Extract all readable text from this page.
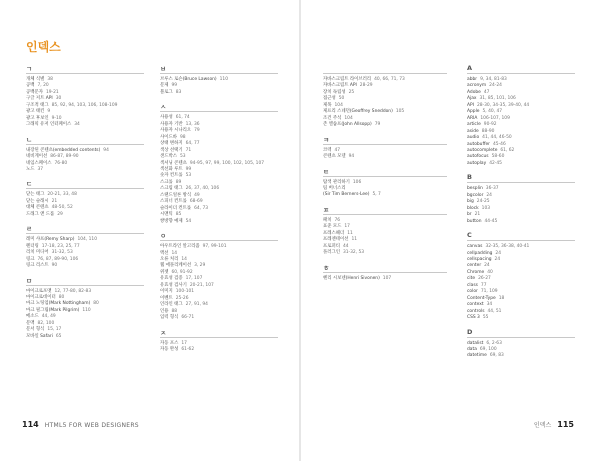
인덱스
ㄱ
개체 식별 38
공백 7, 20
공백문자 19-21
구글 저트 API 30
구조적 태그 85, 92, 94, 103, 106, 108-109
광고 태킨 9
광고 후보인 9-10
그래픽 유저 인터페이스 34
ㄴ
내장된 콘텐츠(embedded contents) 94
네비게이션 86-87, 89-90
네임스페이스 76-80
노드 37
ㄷ
닫는 태그 20-21, 33, 48
닫는 슬래시 21
대체 콘텐츠 48-50, 52
드래그 앤 드롭 29
ㄹ
레미 샤프(Remy Sharp) 104, 110
렌더링 17-18, 23, 25, 77
리치 미디어 31-32, 53
링크 76, 87, 89-90, 106
링크 리스트 90
ㅁ
마이크로포맷 12, 77-80, 82-83
마이크로데이터 80
마크 노팅엄(Mark Nottingham) 80
마크 필그림(Mark Pilgrim) 110
메소드 44, 49
문맥 82, 100
문서 형식 15, 17
모바일 Safari 65
ㅂ
브루스 로슨(Bruce Lawson) 110
문제 99
블로그 83
ㅅ
사용성 61, 74
사용자 기반 13, 36
사용자 시나리오 79
사이드바 98
상태 변하지 64, 77
색상 선택기 71
샌드박스 53
섹셔닝 콘텐츠 94-95, 97, 99, 100, 102, 105, 107
섹션화 루트 99
숫자 컨트롤 53
스크롤 89
스크립 태그 26, 37, 40, 106
스탠드얼론 방식 49
스피너 컨트롤 68-69
슬라이더 컨트롤 64, 73
시맨틱 85
쌍방향 예제 54
ㅇ
아우트라인 알고리즘 97, 99-101
액션 14
오류 처리 14
웹 애플리케이션 3, 29
위젯 60, 91-92
유효성 검증 17, 107
유효성 검사기 20-21, 107
이미지 100-101
이벤트 25-26
인라인 태그 27, 91, 94
인용 88
입력 형식 66-71
ㅈ
자동 포스 17
자동 완성 61-62
114 HTML5 FOR WEB DESIGNERS
자바스크립트 라이브러리 40, 66, 71, 73
자바스크립트 API 28-29
장치 독립성 25
접근성 50
제목 104
제프리 스네던(Geoffrey Sneddon) 105
조건 주석 104
존 앨솝프(John Allsopp) 79
ㅋ
코덱 47
콘텐츠 모델 94
ㅌ
탐색 관리하기 106
팀 버너스리
(Sir Tim Berners-Lee) 5, 7
ㅍ
패치 76
표준 모드 17
프레스헤더 11
프레젠테이션 11
프로퍼티 44
플러그인 31-32, 53
ㅎ
헨리 시보넨(Henri Sivonen) 107
A
abbr 9, 34, 81-83
acronym 24-24
Adobe 47
Ajax 31, 85, 101, 106
API 28-30, 34-35, 39-40, 44
Apple 5, 40, 47
ARIA 106-107, 109
article 90-92
aside 88-90
audio 41, 44, 46-50
autobuffer 45-46
autocomplete 61, 62
autofocus 58-60
autoplay 42-45
B
besplin 36-37
bgcolor 24
big 24-25
block 103
br 21
button 44-45
C
canvas 32-35, 36-38, 40-41
cellpadding 24
cellspacing 24
center 24
Chrome 40
cite 26-27
class 77
color 71, 109
Content-Type 18
context 34
controls 44, 51
CSS 3 55
D
datalist 6, 2-63
data 69, 100
datetime 69, 83
인덱스 115
